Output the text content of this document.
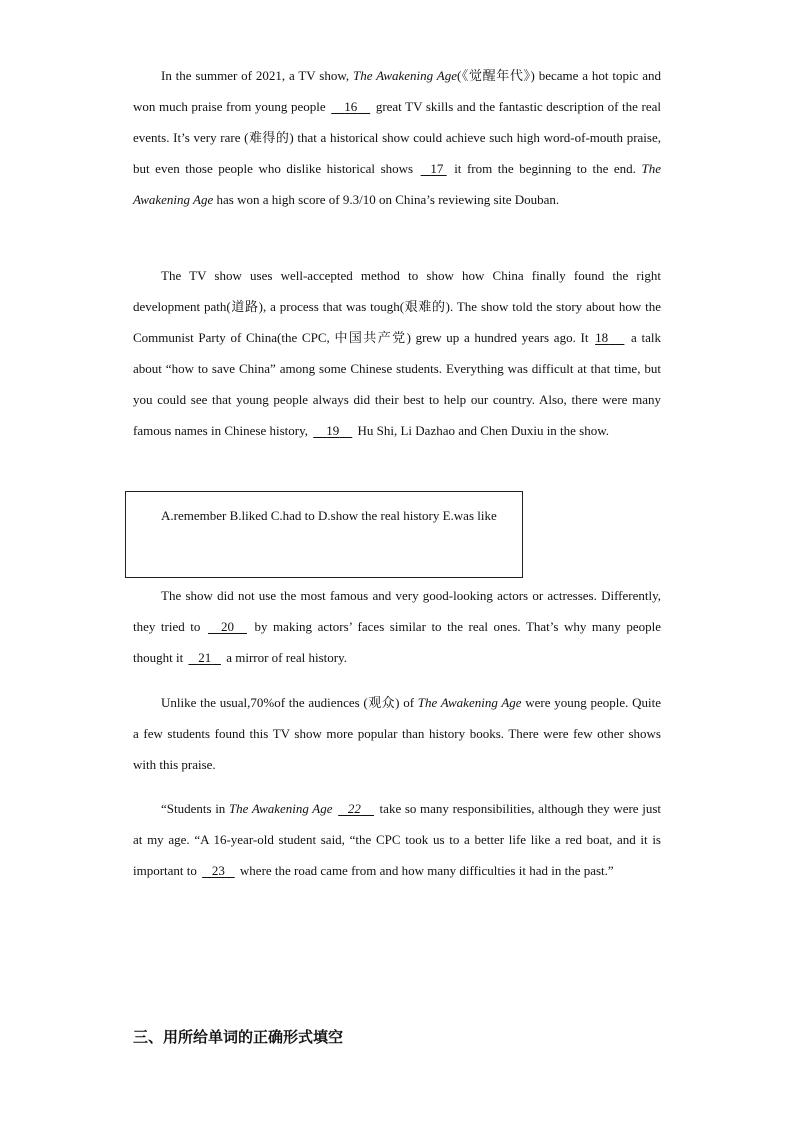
In the summer of 2021, a TV show, The Awakening Age(《觉醒年代》) became a hot topic and won much praise from young people     16     great TV skills and the fantastic description of the real events. It’s very rare (难得的) that a historical show could achieve such high word-of-mouth praise, but even those people who dislike historical shows    17  it from the beginning to the end. The Awakening Age has won a high score of 9.3/10 on China’s reviewing site Douban.

The TV show uses well-accepted method to show how China finally found the right development path(道路), a process that was tough(艰难的). The show told the story about how the Communist Party of China(the CPC, 中国共产党) grew up a hundred years ago. It 18      a talk about “how to save China” among some Chinese students. Everything was difficult at that time, but you could see that young people always did their best to help our country. Also, there were many famous names in Chinese history,     19     Hu Shi, Li Dazhao and Chen Duxiu in the show.

A.remember B.liked C.had to D.show the real history E.was like

The show did not use the most famous and very good-looking actors or actresses. Differently, they tried to     20     by making actors’ faces similar to the real ones. That’s why many people thought it    21    a mirror of real history.

Unlike the usual,70%of the audiences (观众) of The Awakening Age were young people. Quite a few students found this TV show more popular than history books. There were few other shows with this praise.

“Students in The Awakening Age 22     take so many responsibilities, although they were just at my age. “A 16-year-old student said, “the CPC took us to a better life like a red boat, and it is important to    23    where the road came from and how many difficulties it had in the past.”

三、用所给单词的正确形式填空
